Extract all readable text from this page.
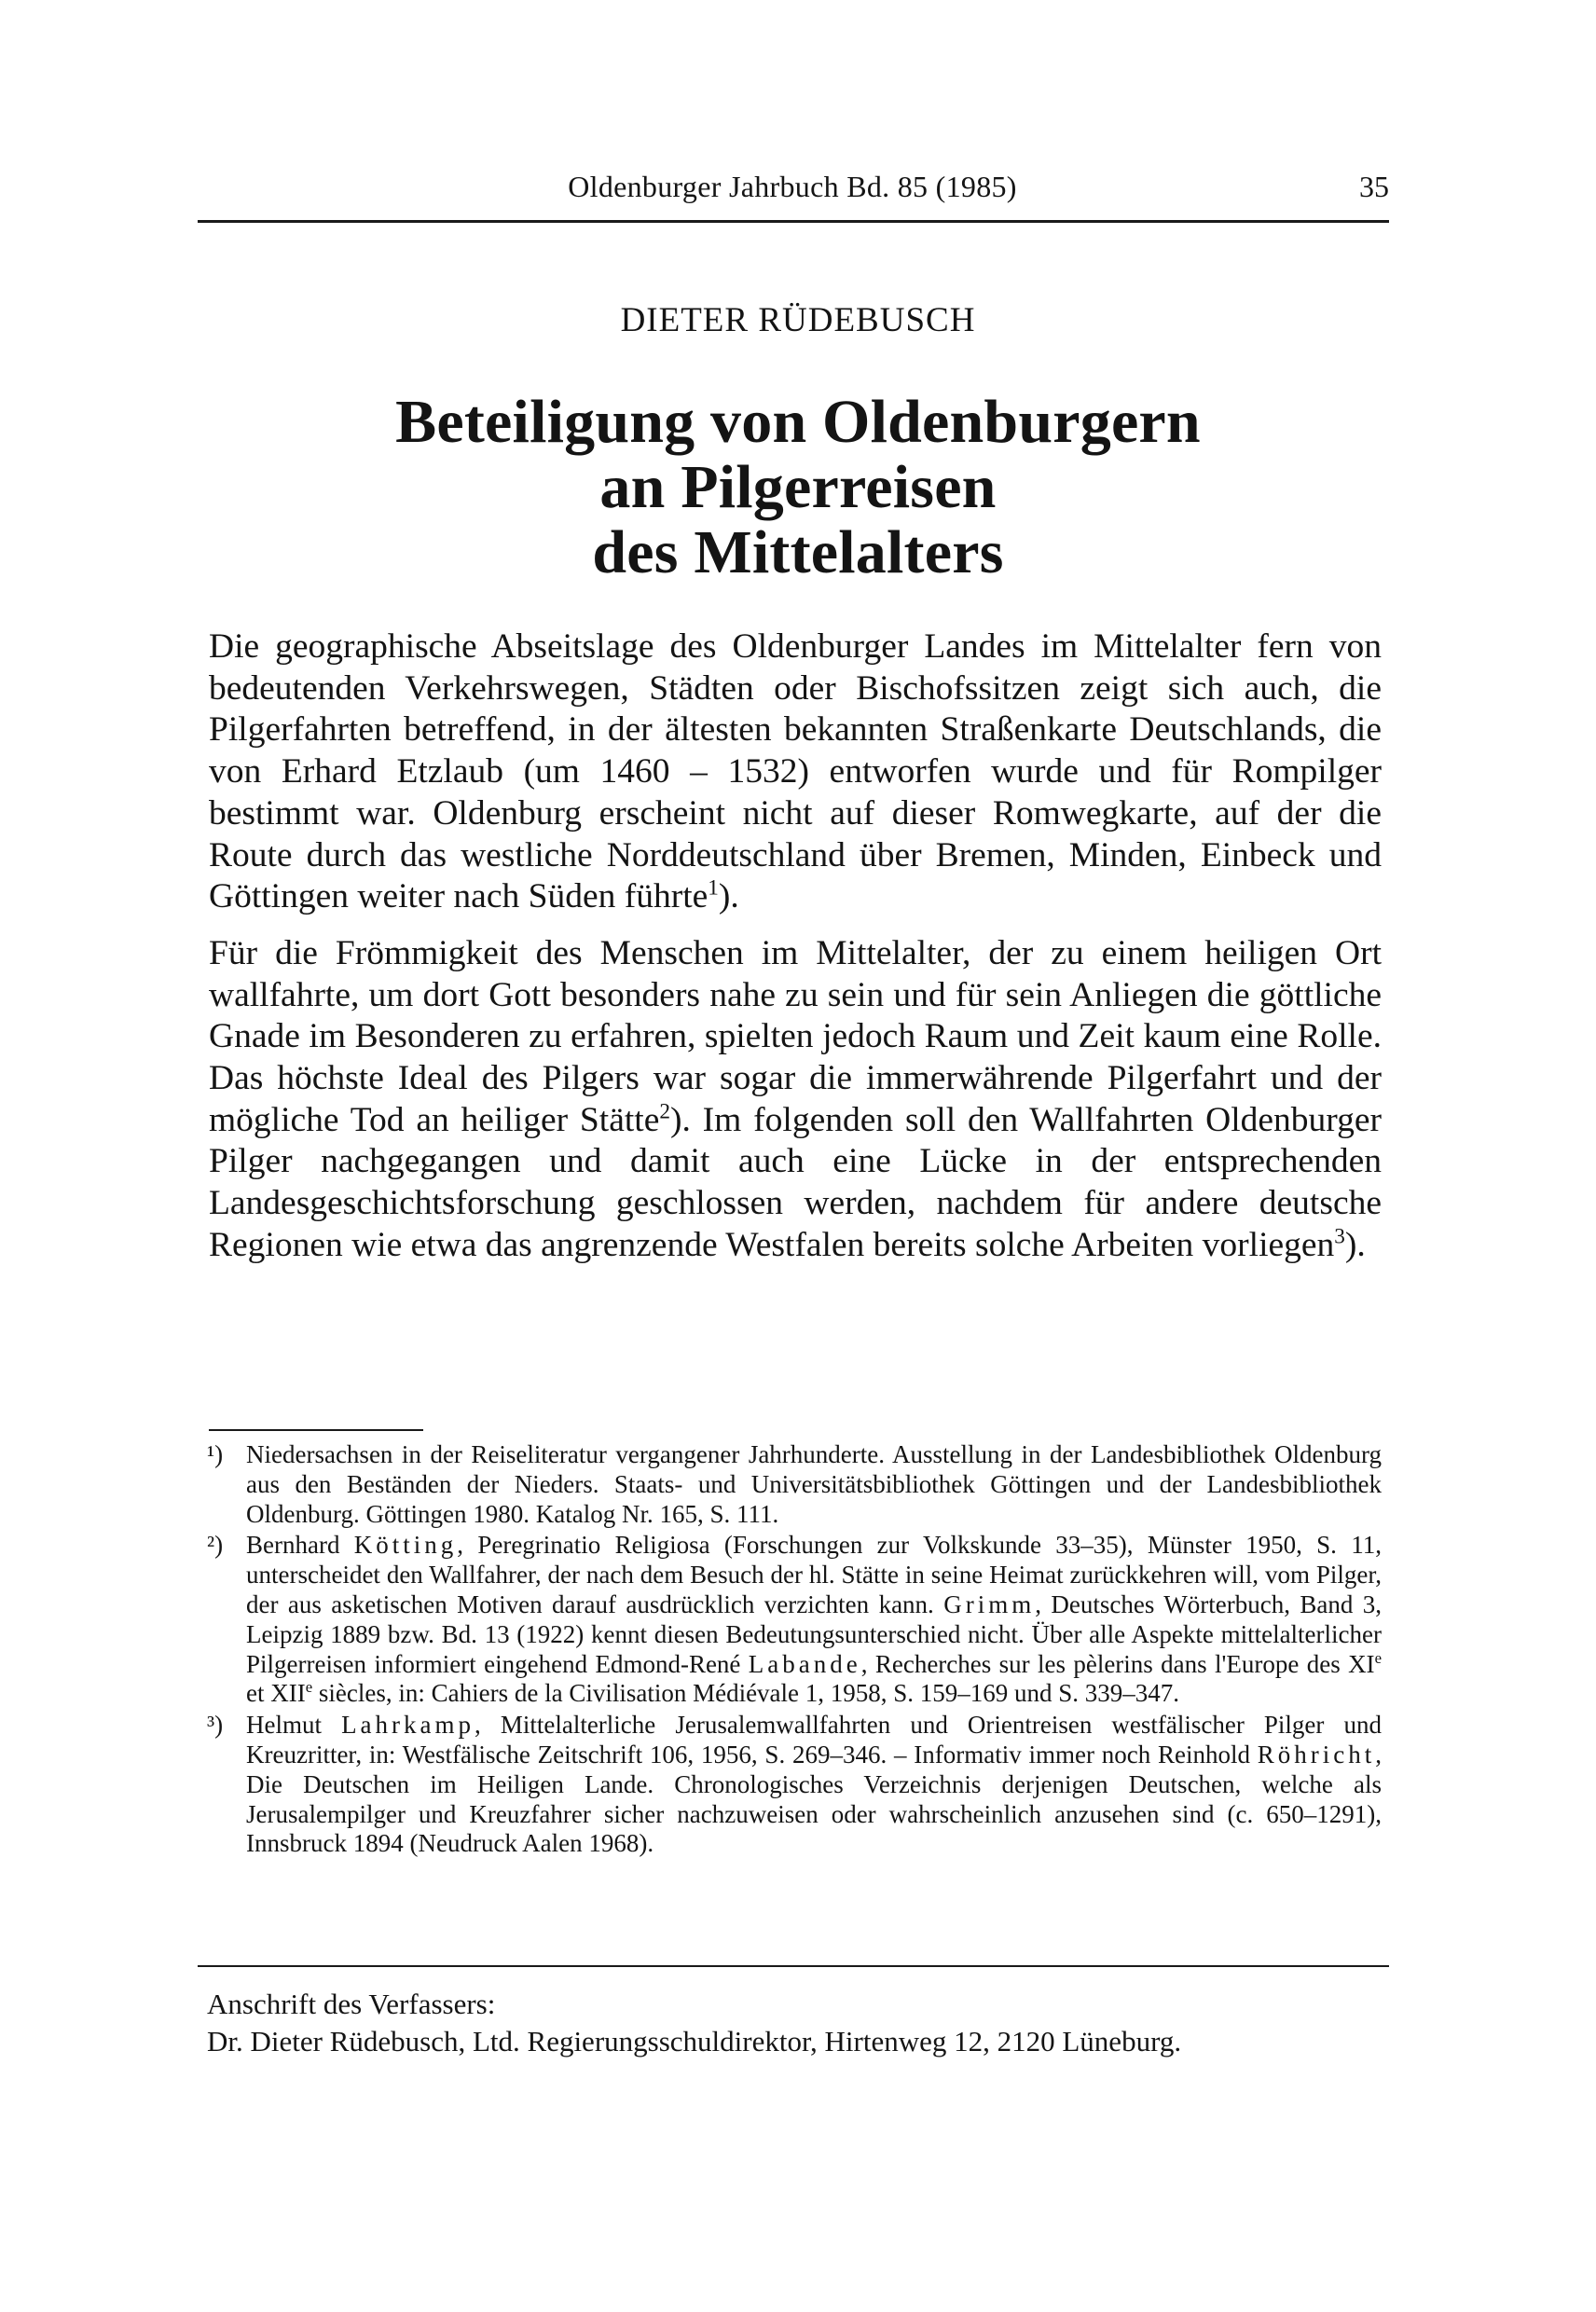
Oldenburger Jahrbuch Bd. 85 (1985)	35
DIETER RÜDEBUSCH
Beteiligung von Oldenburgern
an Pilgerreisen
des Mittelalters

Die geographische Abseitslage des Oldenburger Landes im Mittelalter fern von bedeutenden Verkehrswegen, Städten oder Bischofssitzen zeigt sich auch, die Pilgerfahrten betreffend, in der ältesten bekannten Straßenkarte Deutschlands, die von Erhard Etzlaub (um 1460 – 1532) entworfen wurde und für Rompilger bestimmt war. Oldenburg erscheint nicht auf dieser Romwegkarte, auf der die Route durch das westliche Norddeutschland über Bremen, Minden, Einbeck und Göttingen weiter nach Süden führte$^1$).

Für die Frömmigkeit des Menschen im Mittelalter, der zu einem heiligen Ort wallfahrte, um dort Gott besonders nahe zu sein und für sein Anliegen die göttliche Gnade im Besonderen zu erfahren, spielten jedoch Raum und Zeit kaum eine Rolle. Das höchste Ideal des Pilgers war sogar die immerwährende Pilgerfahrt und der mögliche Tod an heiliger Stätte$^2$). Im folgenden soll den Wallfahrten Oldenburger Pilger nachgegangen und damit auch eine Lücke in der entsprechenden Landesgeschichtsforschung geschlossen werden, nachdem für andere deutsche Regionen wie etwa das angrenzende Westfalen bereits solche Arbeiten vorliegen$^3$).

¹) Niedersachsen in der Reiseliteratur vergangener Jahrhunderte. Ausstellung in der Landesbibliothek Oldenburg aus den Beständen der Nieders. Staats- und Universitätsbibliothek Göttingen und der Landesbibliothek Oldenburg. Göttingen 1980. Katalog Nr. 165, S. 111.
²) Bernhard Kötting, Peregrinatio Religiosa (Forschungen zur Volkskunde 33–35), Münster 1950, S. 11, unterscheidet den Wallfahrer, der nach dem Besuch der hl. Stätte in seine Heimat zurückkehren will, vom Pilger, der aus asketischen Motiven darauf ausdrücklich verzichten kann. Grimm, Deutsches Wörterbuch, Band 3, Leipzig 1889 bzw. Bd. 13 (1922) kennt diesen Bedeutungsunterschied nicht. Über alle Aspekte mittelalterlicher Pilgerreisen informiert eingehend Edmond-René Labande, Recherches sur les pèlerins dans l'Europe des XIe et XIIe siècles, in: Cahiers de la Civilisation Médiévale 1, 1958, S. 159–169 und S. 339–347.
³) Helmut Lahrkamp, Mittelalterliche Jerusalemwallfahrten und Orientreisen westfälischer Pilger und Kreuzritter, in: Westfälische Zeitschrift 106, 1956, S. 269–346. – Informativ immer noch Reinhold Röhricht, Die Deutschen im Heiligen Lande. Chronologisches Verzeichnis derjenigen Deutschen, welche als Jerusalempilger und Kreuzfahrer sicher nachzuweisen oder wahrscheinlich anzusehen sind (c. 650–1291), Innsbruck 1894 (Neudruck Aalen 1968).
Anschrift des Verfassers:
Dr. Dieter Rüdebusch, Ltd. Regierungsschuldirektor, Hirtenweg 12, 2120 Lüneburg.
